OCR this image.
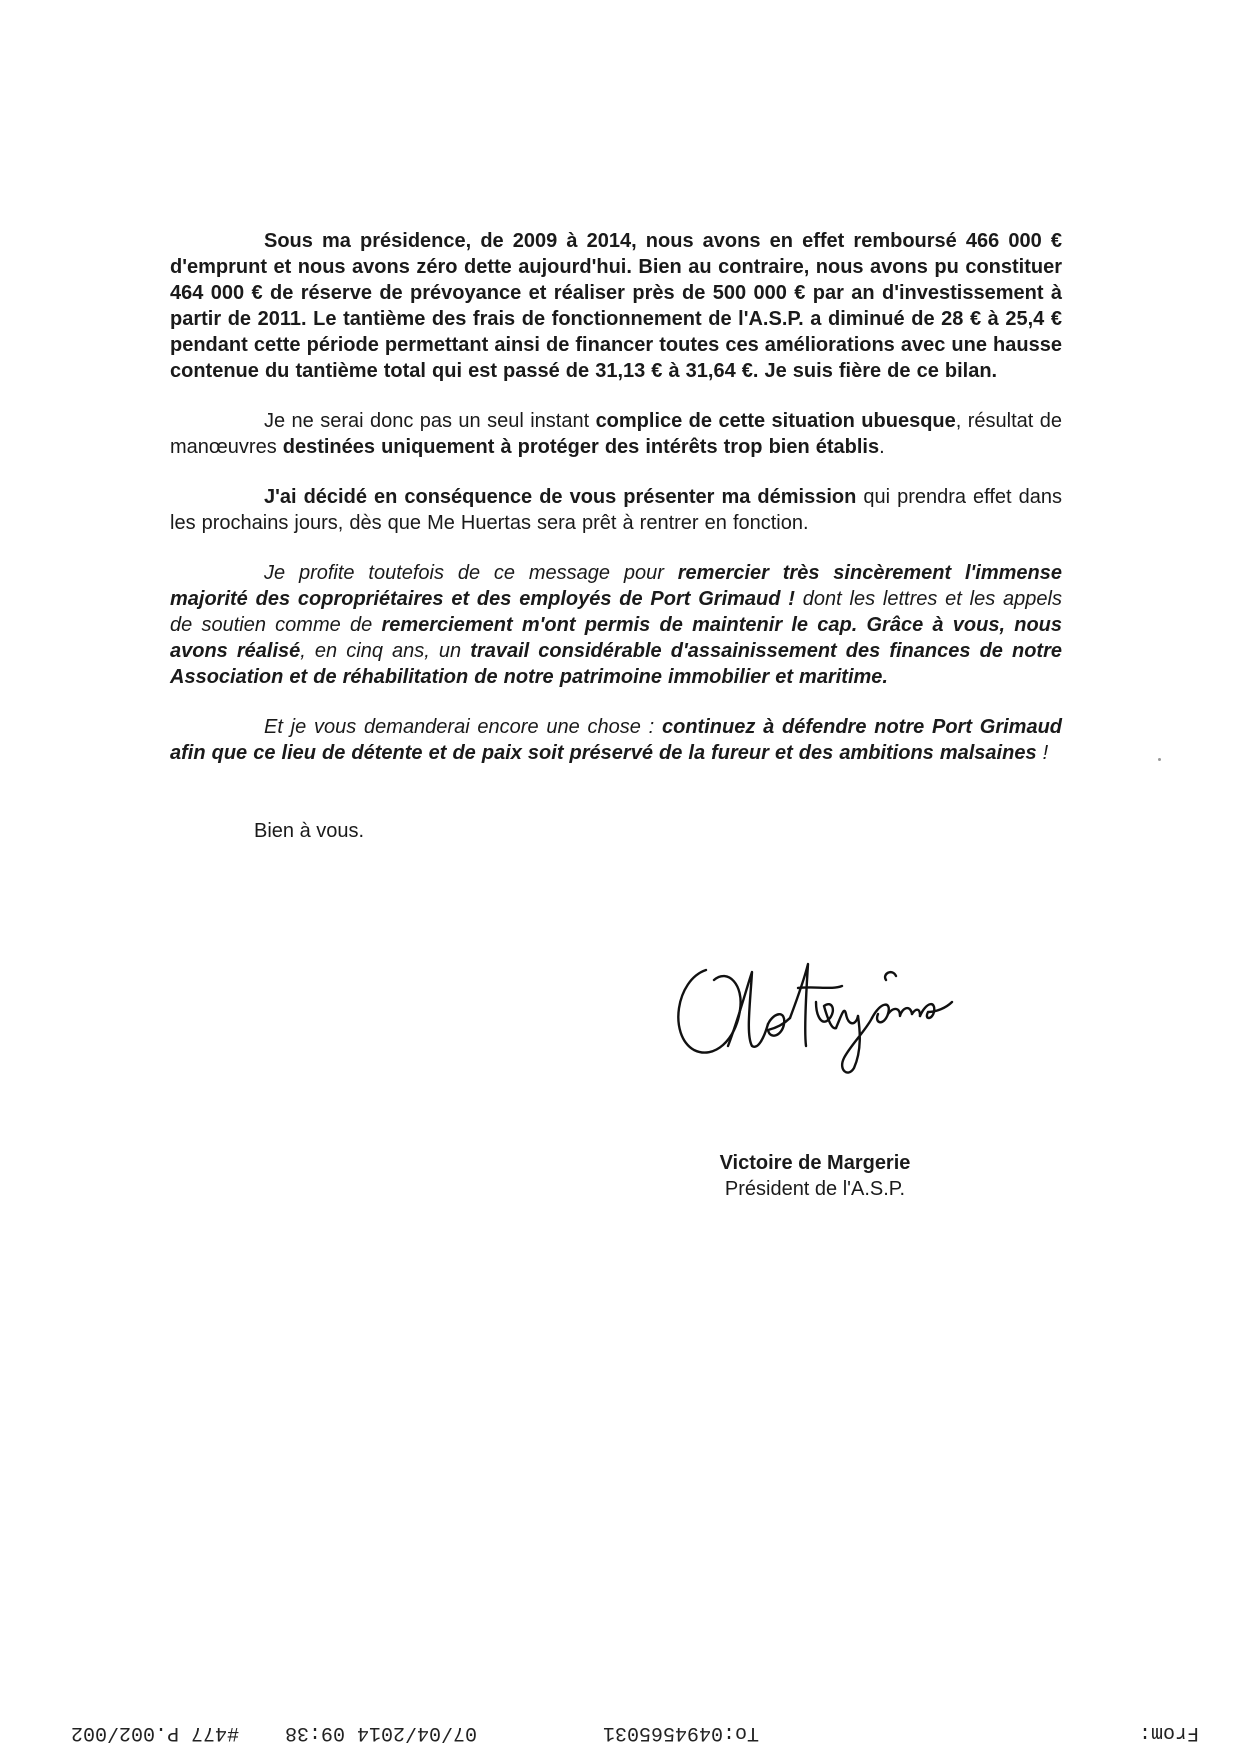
Sous ma présidence, de 2009 à 2014, nous avons en effet remboursé 466 000 € d'emprunt et nous avons zéro dette aujourd'hui. Bien au contraire, nous avons pu constituer 464 000 € de réserve de prévoyance et réaliser près de 500 000 € par an d'investissement à partir de 2011. Le tantième des frais de fonctionnement de l'A.S.P. a diminué de 28 € à 25,4 € pendant cette période permettant ainsi de financer toutes ces améliorations avec une hausse contenue du tantième total qui est passé de 31,13 € à 31,64 €. Je suis fière de ce bilan.

Je ne serai donc pas un seul instant complice de cette situation ubuesque, résultat de manœuvres destinées uniquement à protéger des intérêts trop bien établis.

J'ai décidé en conséquence de vous présenter ma démission qui prendra effet dans les prochains jours, dès que Me Huertas sera prêt à rentrer en fonction.

Je profite toutefois de ce message pour remercier très sincèrement l'immense majorité des copropriétaires et des employés de Port Grimaud ! dont les lettres et les appels de soutien comme de remerciement m'ont permis de maintenir le cap. Grâce à vous, nous avons réalisé, en cinq ans, un travail considérable d'assainissement des finances de notre Association et de réhabilitation de notre patrimoine immobilier et maritime.

Et je vous demanderai encore une chose : continuez à défendre notre Port Grimaud afin que ce lieu de détente et de paix soit préservé de la fureur et des ambitions malsaines !

Bien à vous.
Victoire de Margerie
Président de l'A.S.P.
From:
To:0494565031
07/04/2014 09:38
#477 P.002/002
